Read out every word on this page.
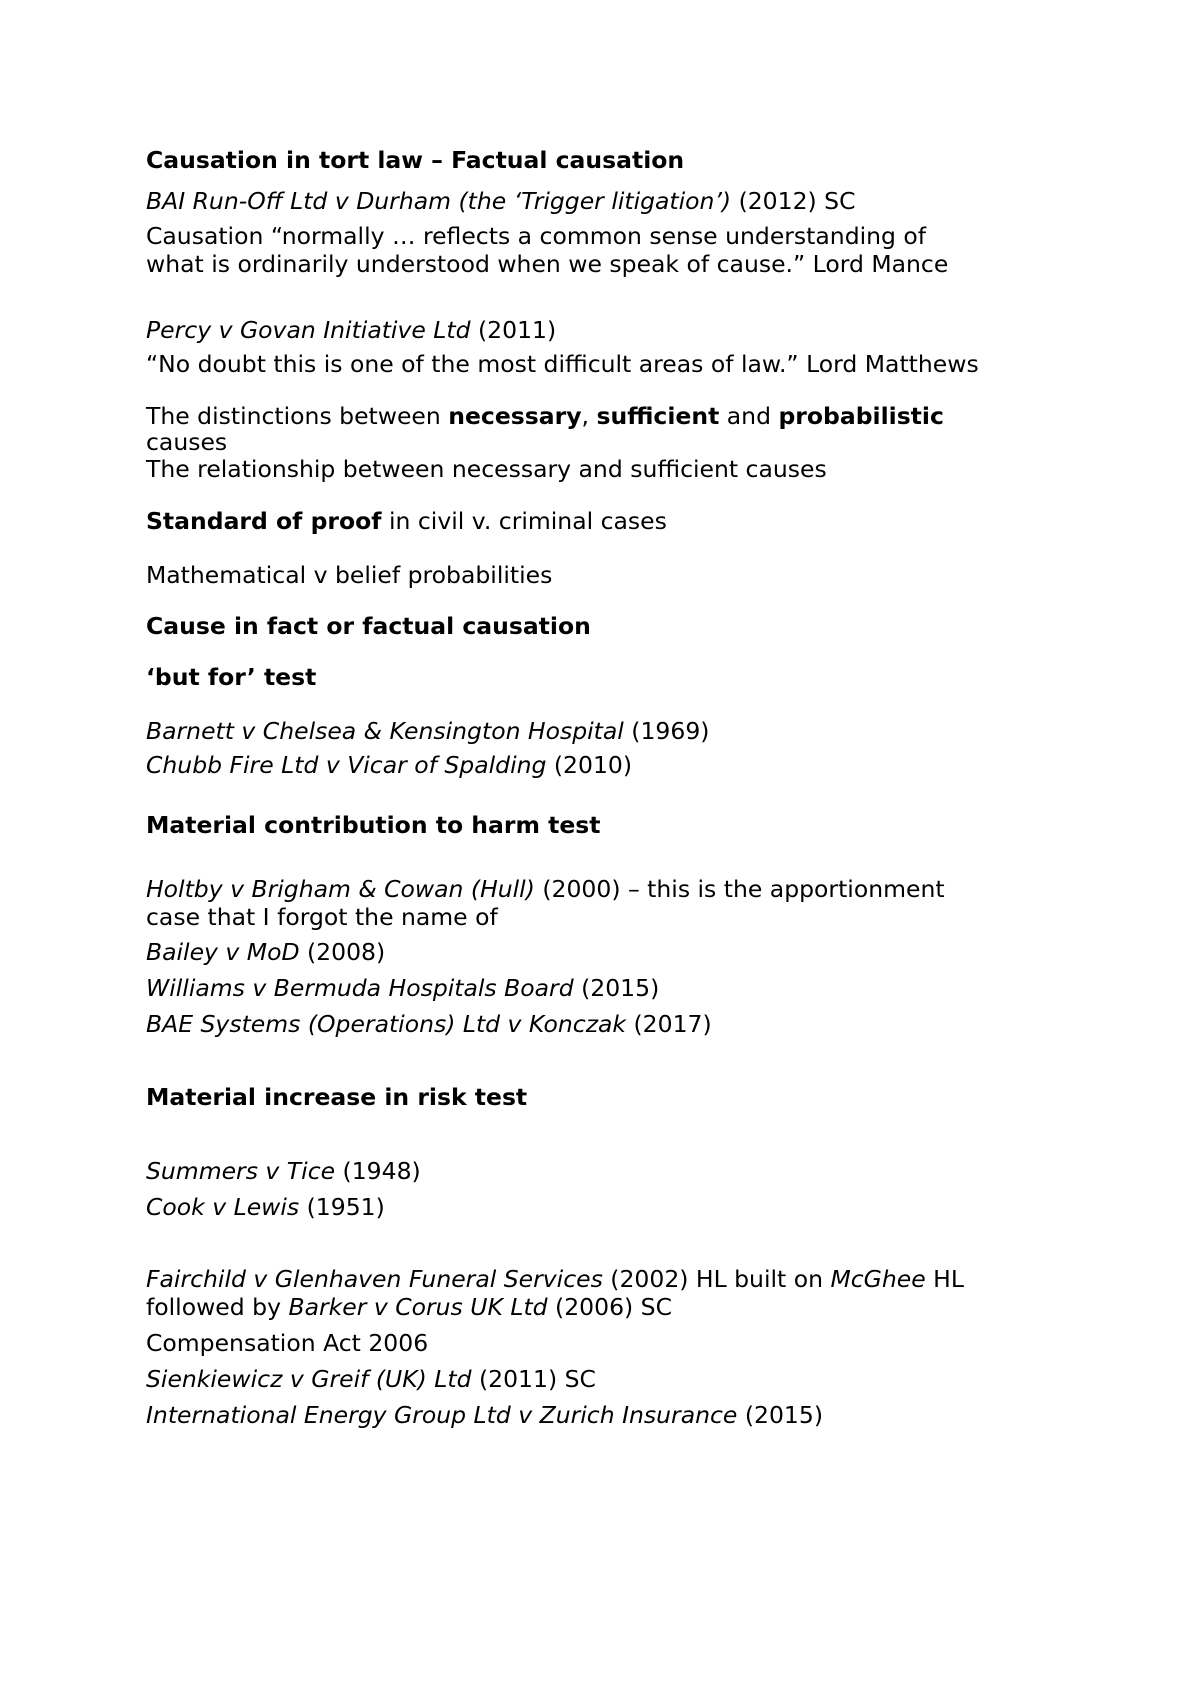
Causation in tort law – Factual causation

BAI Run-Off Ltd v Durham (the ‘Trigger litigation’) (2012) SC

Causation “normally … reflects a common sense understanding of

what is ordinarily understood when we speak of cause.” Lord Mance

Percy v Govan Initiative Ltd (2011)

“No doubt this is one of the most difficult areas of law.” Lord Matthews

The distinctions between necessary, sufficient and probabilistic

causes

The relationship between necessary and sufficient causes

Standard of proof in civil v. criminal cases

Mathematical v belief probabilities

Cause in fact or factual causation

‘but for’ test

Barnett v Chelsea & Kensington Hospital (1969)

Chubb Fire Ltd v Vicar of Spalding (2010)

Material contribution to harm test

Holtby v Brigham & Cowan (Hull) (2000) – this is the apportionment

case that I forgot the name of

Bailey v MoD (2008)

Williams v Bermuda Hospitals Board (2015)

BAE Systems (Operations) Ltd v Konczak (2017)

Material increase in risk test

Summers v Tice (1948)

Cook v Lewis (1951)

Fairchild v Glenhaven Funeral Services (2002) HL built on McGhee HL

followed by Barker v Corus UK Ltd (2006) SC

Compensation Act 2006

Sienkiewicz v Greif (UK) Ltd (2011) SC

International Energy Group Ltd v Zurich Insurance (2015)
